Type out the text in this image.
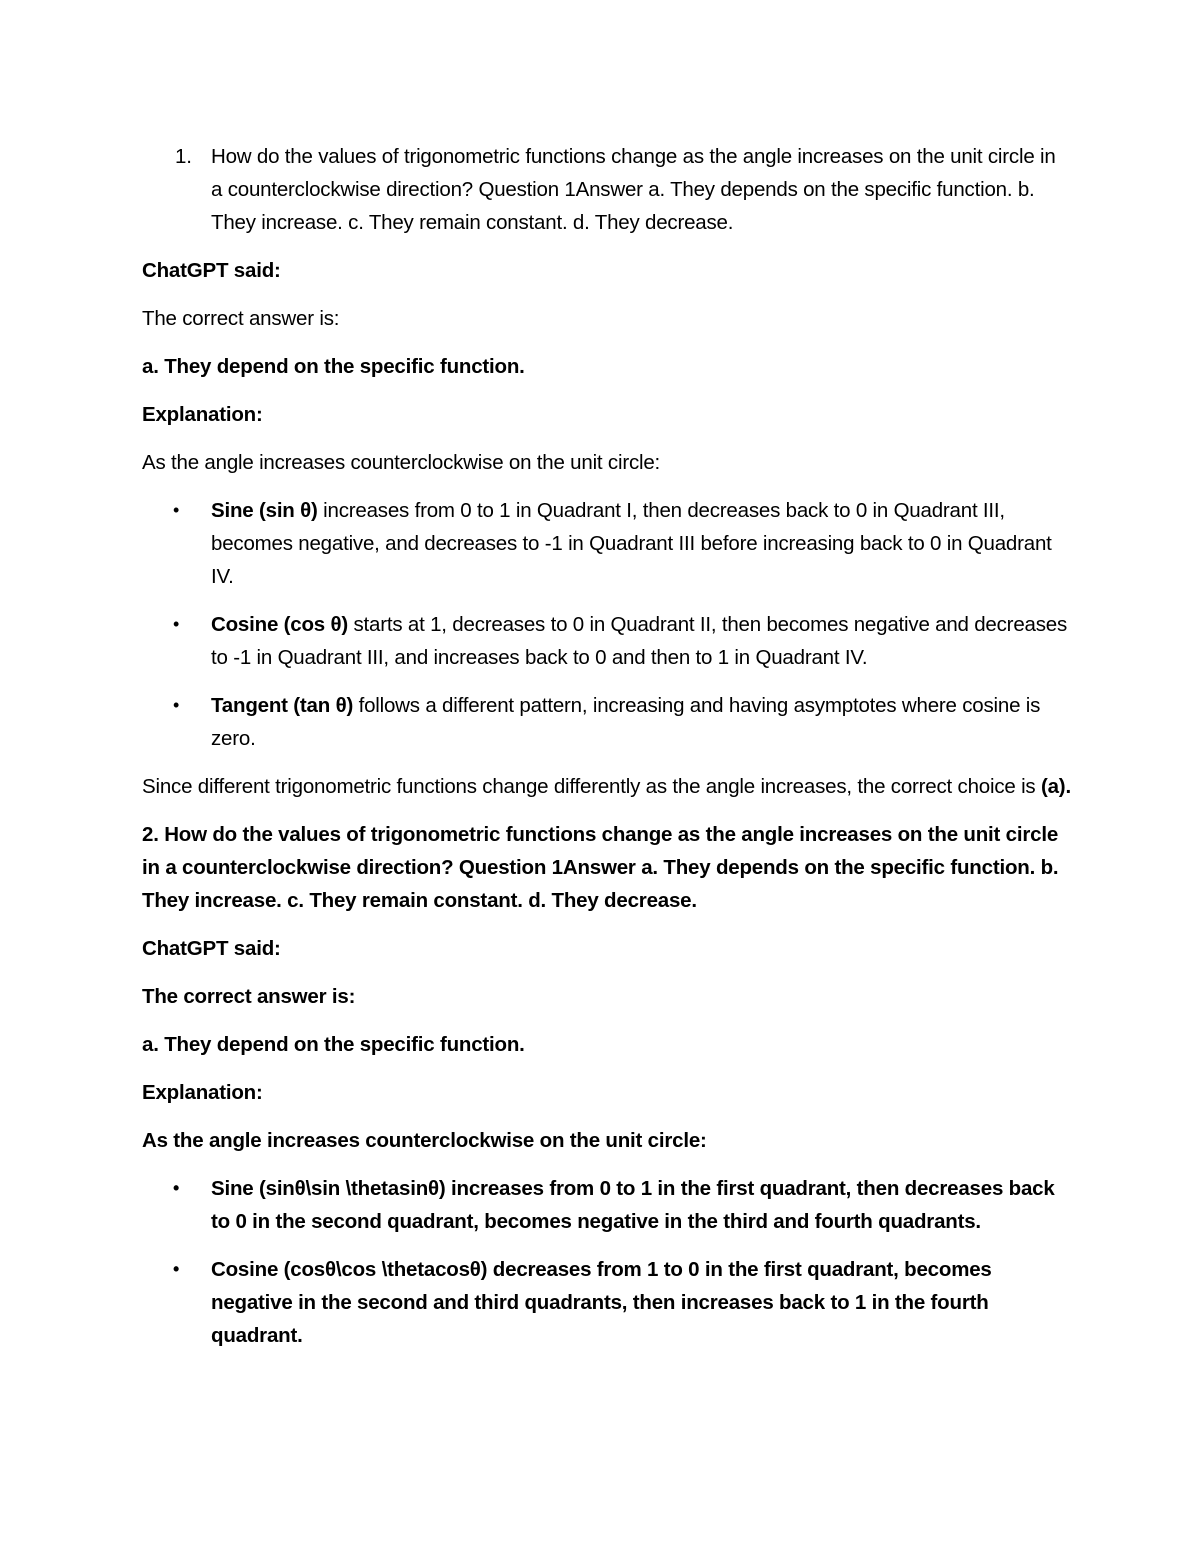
1. How do the values of trigonometric functions change as the angle increases on the unit circle in a counterclockwise direction? Question 1Answer a. They depends on the specific function. b. They increase. c. They remain constant. d. They decrease.

ChatGPT said:

The correct answer is:

a. They depend on the specific function.

Explanation:

As the angle increases counterclockwise on the unit circle:

• Sine (sin θ) increases from 0 to 1 in Quadrant I, then decreases back to 0 in Quadrant III, becomes negative, and decreases to -1 in Quadrant III before increasing back to 0 in Quadrant IV.
• Cosine (cos θ) starts at 1, decreases to 0 in Quadrant II, then becomes negative and decreases to -1 in Quadrant III, and increases back to 0 and then to 1 in Quadrant IV.
• Tangent (tan θ) follows a different pattern, increasing and having asymptotes where cosine is zero.

Since different trigonometric functions change differently as the angle increases, the correct choice is (a).

2. How do the values of trigonometric functions change as the angle increases on the unit circle in a counterclockwise direction? Question 1Answer a. They depends on the specific function. b. They increase. c. They remain constant. d. They decrease.

ChatGPT said:

The correct answer is:

a. They depend on the specific function.

Explanation:

As the angle increases counterclockwise on the unit circle:

• Sine (sinθ\sin \thetasinθ) increases from 0 to 1 in the first quadrant, then decreases back to 0 in the second quadrant, becomes negative in the third and fourth quadrants.
• Cosine (cosθ\cos \thetacosθ) decreases from 1 to 0 in the first quadrant, becomes negative in the second and third quadrants, then increases back to 1 in the fourth quadrant.
